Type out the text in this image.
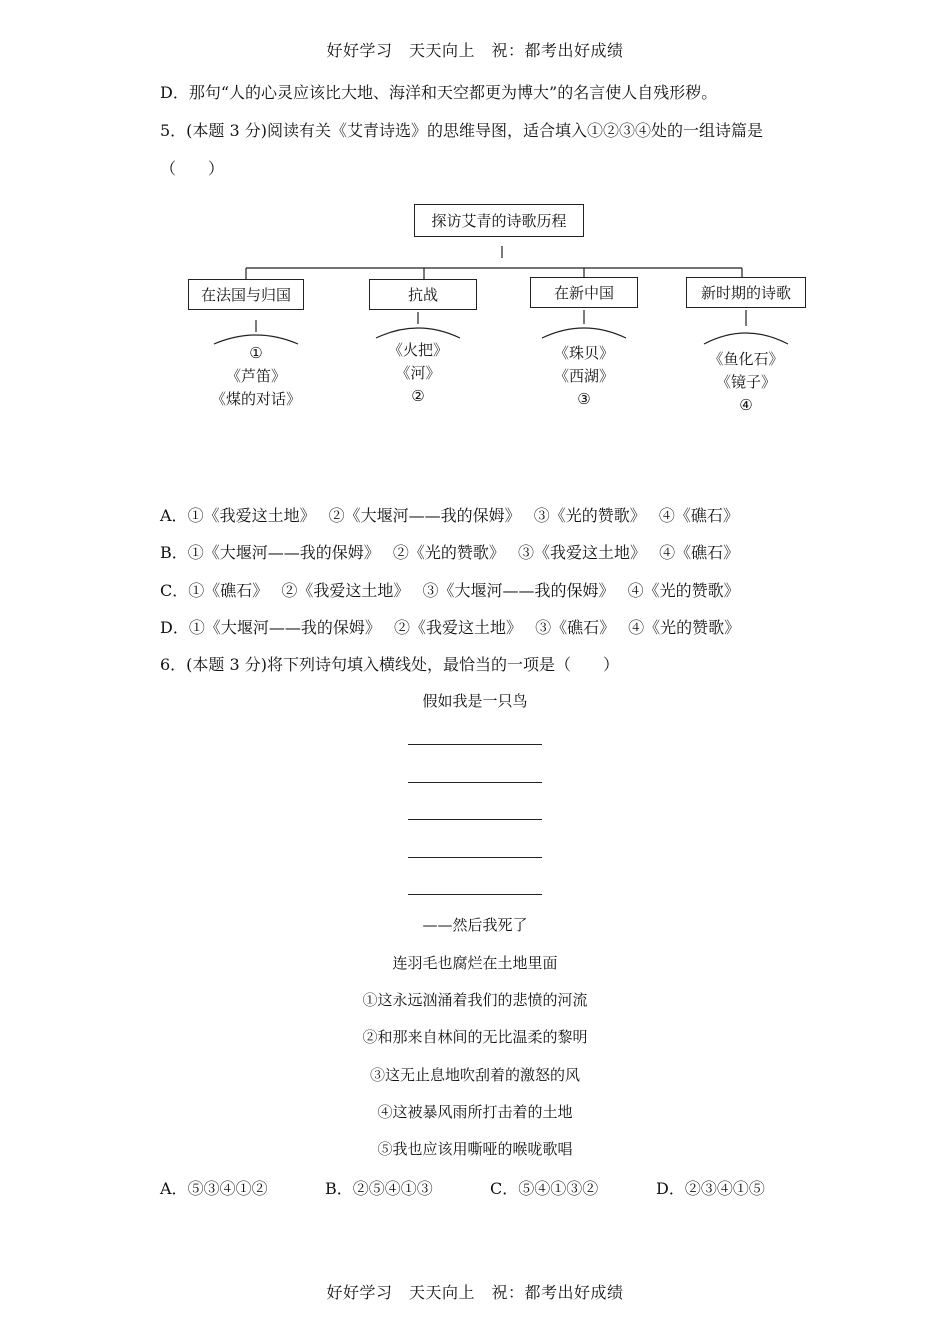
好好学习　天天向上　祝：都考出好成绩
D．那句“人的心灵应该比大地、海洋和天空都更为博大”的名言使人自残形秽。
5．(本题 3 分)阅读有关《艾青诗选》的思维导图，适合填入①②③④处的一组诗篇是
（　　）
探访艾青的诗歌历程
在法国与归国	抗战	在新中国	新时期的诗歌
①
《芦笛》
《煤的对话》
《火把》
《河》
②
《珠贝》
《西湖》
③
《鱼化石》
《镜子》
④
A．①《我爱这土地》 ②《大堰河——我的保姆》 ③《光的赞歌》 ④《礁石》
B．①《大堰河——我的保姆》 ②《光的赞歌》 ③《我爱这土地》 ④《礁石》
C．①《礁石》 ②《我爱这土地》 ③《大堰河——我的保姆》 ④《光的赞歌》
D．①《大堰河——我的保姆》 ②《我爱这土地》 ③《礁石》 ④《光的赞歌》
6．(本题 3 分)将下列诗句填入横线处，最恰当的一项是（　　）
假如我是一只鸟
——然后我死了
连羽毛也腐烂在土地里面
①这永远汹涌着我们的悲愤的河流
②和那来自林间的无比温柔的黎明
③这无止息地吹刮着的激怒的风
④这被暴风雨所打击着的土地
⑤我也应该用嘶哑的喉咙歌唱
A．⑤③④①②	B．②⑤④①③	C．⑤④①③②	D．②③④①⑤
好好学习　天天向上　祝：都考出好成绩
